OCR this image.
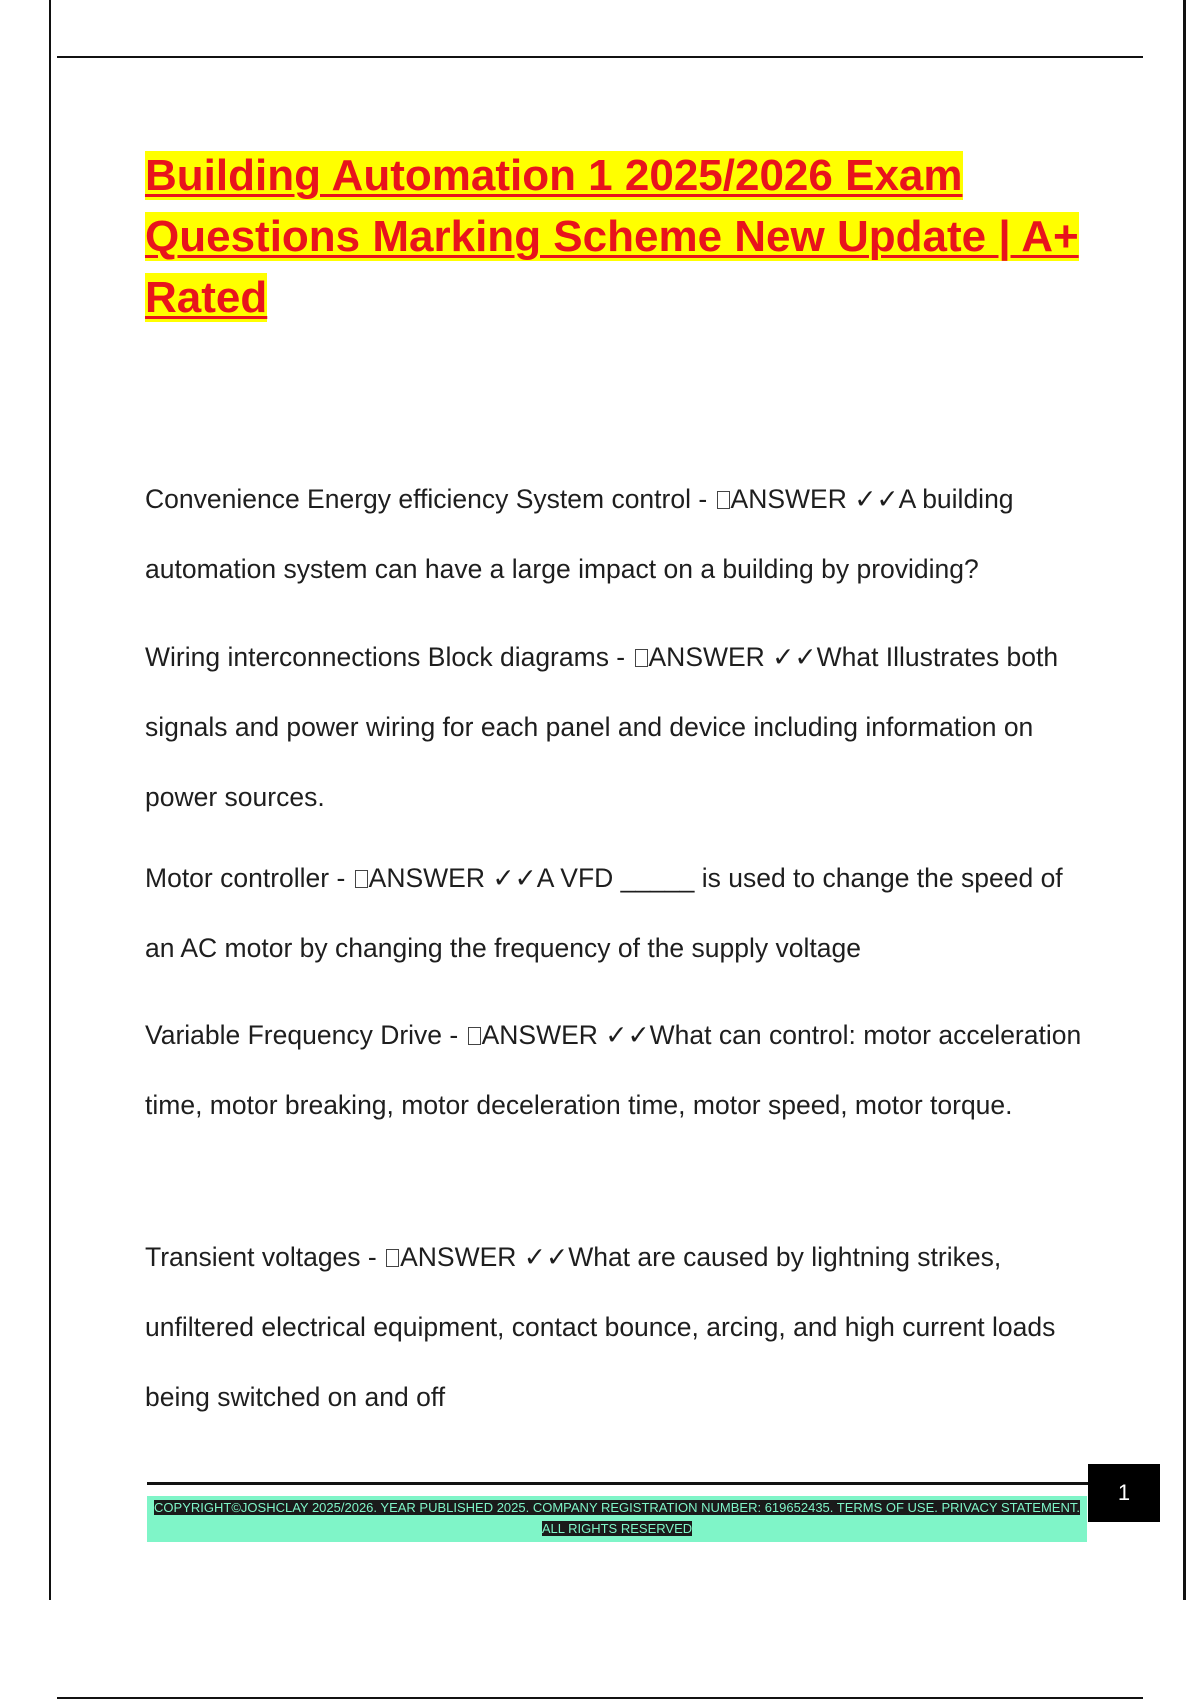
Building Automation 1 2025/2026 Exam Questions Marking Scheme New Update | A+ Rated

Convenience Energy efficiency System control - ANSWER ✓✓A building automation system can have a large impact on a building by providing?

Wiring interconnections Block diagrams - ANSWER ✓✓What Illustrates both signals and power wiring for each panel and device including information on power sources.

Motor controller - ANSWER ✓✓A VFD _____ is used to change the speed of an AC motor by changing the frequency of the supply voltage

Variable Frequency Drive - ANSWER ✓✓What can control: motor acceleration time, motor breaking, motor deceleration time, motor speed, motor torque.

Transient voltages - ANSWER ✓✓What are caused by lightning strikes, unfiltered electrical equipment, contact bounce, arcing, and high current loads being switched on and off

1
COPYRIGHT©JOSHCLAY 2025/2026. YEAR PUBLISHED 2025. COMPANY REGISTRATION NUMBER: 619652435. TERMS OF USE. PRIVACY STATEMENT. ALL RIGHTS RESERVED
